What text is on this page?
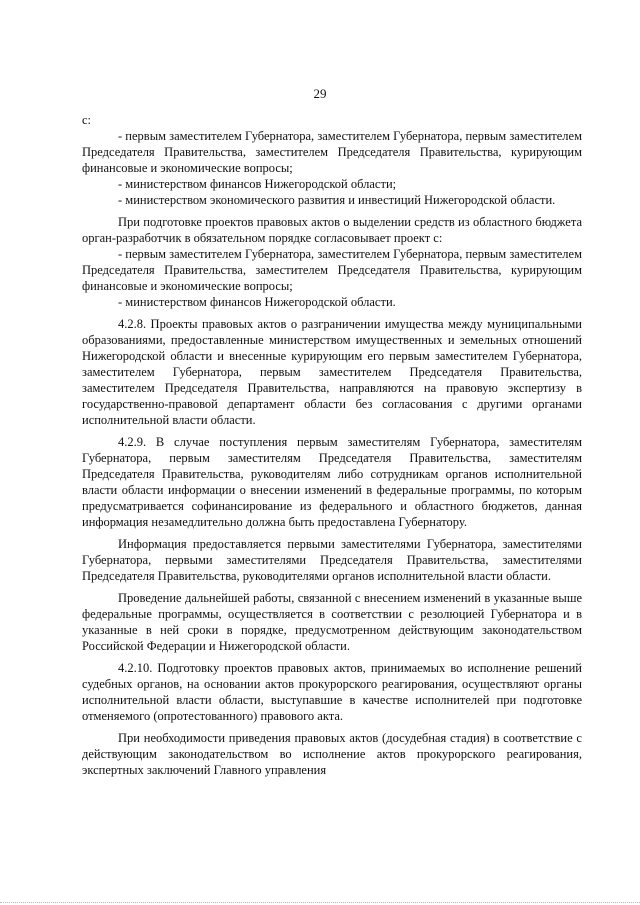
29

с:

- первым заместителем Губернатора, заместителем Губернатора, первым заместителем Председателя Правительства, заместителем Председателя Правительства, курирующим финансовые и экономические вопросы;

- министерством финансов Нижегородской области;

- министерством экономического развития и инвестиций Нижегородской области.

При подготовке проектов правовых актов о выделении средств из областного бюджета орган-разработчик в обязательном порядке согласовывает проект с:

- первым заместителем Губернатора, заместителем Губернатора, первым заместителем Председателя Правительства, заместителем Председателя Правительства, курирующим финансовые и экономические вопросы;

- министерством финансов Нижегородской области.

4.2.8. Проекты правовых актов о разграничении имущества между муниципальными образованиями, предоставленные министерством имущественных и земельных отношений Нижегородской области и внесенные курирующим его первым заместителем Губернатора, заместителем Губернатора, первым заместителем Председателя Правительства, заместителем Председателя Правительства, направляются на правовую экспертизу в государственно-правовой департамент области без согласования с другими органами исполнительной власти области.

4.2.9. В случае поступления первым заместителям Губернатора, заместителям Губернатора, первым заместителям Председателя Правительства, заместителям Председателя Правительства, руководителям либо сотрудникам органов исполнительной власти области информации о внесении изменений в федеральные программы, по которым предусматривается софинансирование из федерального и областного бюджетов, данная информация незамедлительно должна быть предоставлена Губернатору.

Информация предоставляется первыми заместителями Губернатора, заместителями Губернатора, первыми заместителями Председателя Правительства, заместителями Председателя Правительства, руководителями органов исполнительной власти области.

Проведение дальнейшей работы, связанной с внесением изменений в указанные выше федеральные программы, осуществляется в соответствии с резолюцией Губернатора и в указанные в ней сроки в порядке, предусмотренном действующим законодательством Российской Федерации и Нижегородской области.

4.2.10. Подготовку проектов правовых актов, принимаемых во исполнение решений судебных органов, на основании актов прокурорского реагирования, осуществляют органы исполнительной власти области, выступавшие в качестве исполнителей при подготовке отменяемого (опротестованного) правового акта.

При необходимости приведения правовых актов (досудебная стадия) в соответствие с действующим законодательством во исполнение актов прокурорского реагирования, экспертных заключений Главного управления
